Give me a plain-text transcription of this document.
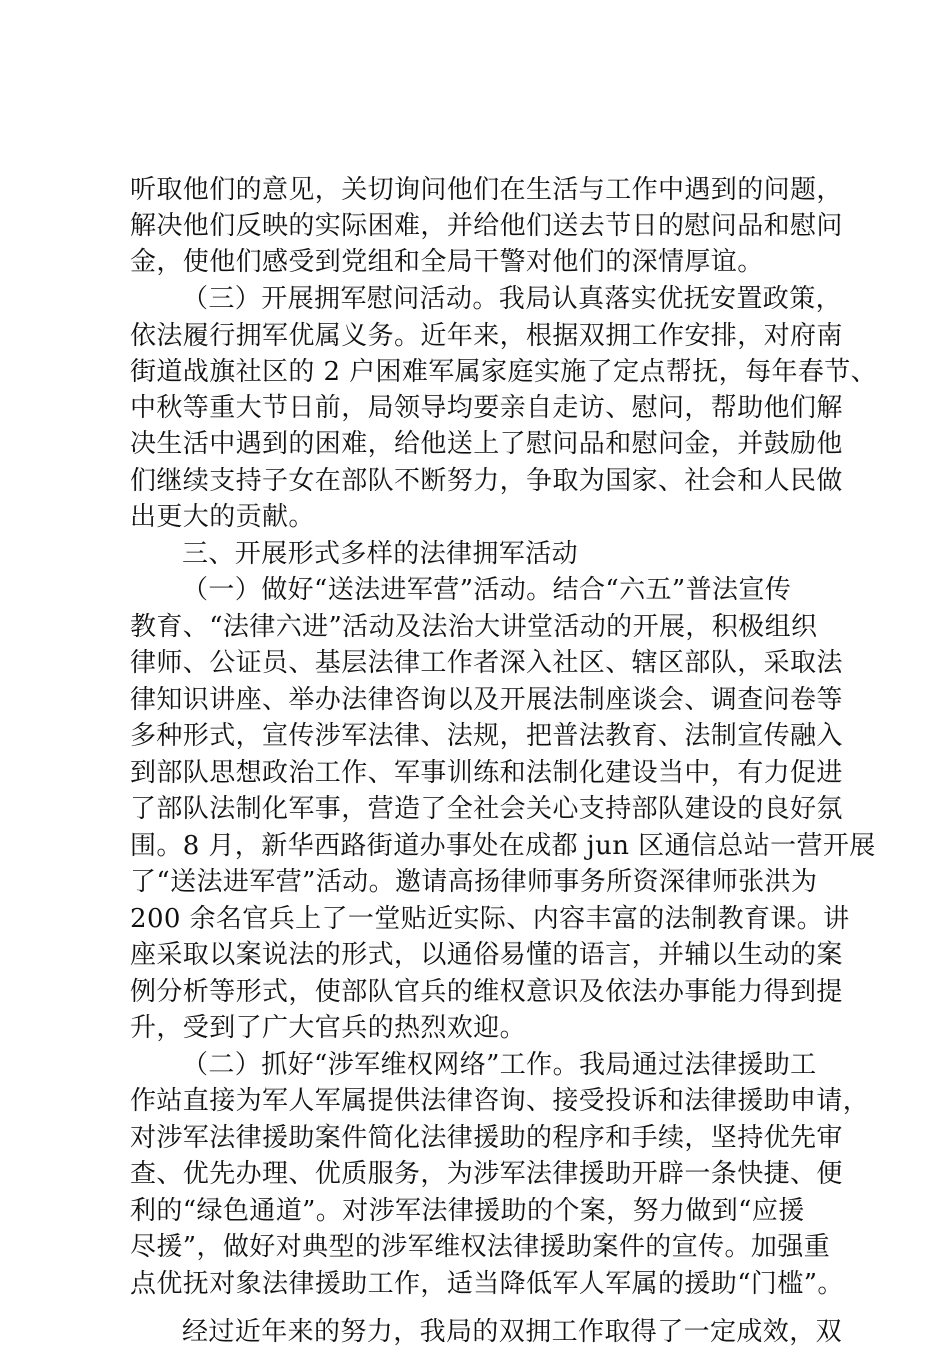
听取他们的意见，关切询问他们在生活与工作中遇到的问题，
解决他们反映的实际困难，并给他们送去节日的慰问品和慰问
金，使他们感受到党组和全局干警对他们的深情厚谊。
（三）开展拥军慰问活动。我局认真落实优抚安置政策，
依法履行拥军优属义务。近年来，根据双拥工作安排，对府南
街道战旗社区的 2 户困难军属家庭实施了定点帮抚，每年春节、
中秋等重大节日前，局领导均要亲自走访、慰问，帮助他们解
决生活中遇到的困难，给他送上了慰问品和慰问金，并鼓励他
们继续支持子女在部队不断努力，争取为国家、社会和人民做
出更大的贡献。
三、开展形式多样的法律拥军活动
（一）做好“送法进军营”活动。结合“六五”普法宣传
教育、“法律六进”活动及法治大讲堂活动的开展，积极组织
律师、公证员、基层法律工作者深入社区、辖区部队，采取法
律知识讲座、举办法律咨询以及开展法制座谈会、调查问卷等
多种形式，宣传涉军法律、法规，把普法教育、法制宣传融入
到部队思想政治工作、军事训练和法制化建设当中，有力促进
了部队法制化军事，营造了全社会关心支持部队建设的良好氛
围。8 月，新华西路街道办事处在成都 jun 区通信总站一营开展
了“送法进军营”活动。邀请高扬律师事务所资深律师张洪为
200 余名官兵上了一堂贴近实际、内容丰富的法制教育课。讲
座采取以案说法的形式，以通俗易懂的语言，并辅以生动的案
例分析等形式，使部队官兵的维权意识及依法办事能力得到提
升，受到了广大官兵的热烈欢迎。
（二）抓好“涉军维权网络”工作。我局通过法律援助工
作站直接为军人军属提供法律咨询、接受投诉和法律援助申请，
对涉军法律援助案件简化法律援助的程序和手续，坚持优先审
查、优先办理、优质服务，为涉军法律援助开辟一条快捷、便
利的“绿色通道”。对涉军法律援助的个案，努力做到“应援
尽援”，做好对典型的涉军维权法律援助案件的宣传。加强重
点优抚对象法律援助工作，适当降低军人军属的援助“门槛”。
经过近年来的努力，我局的双拥工作取得了一定成效，双
